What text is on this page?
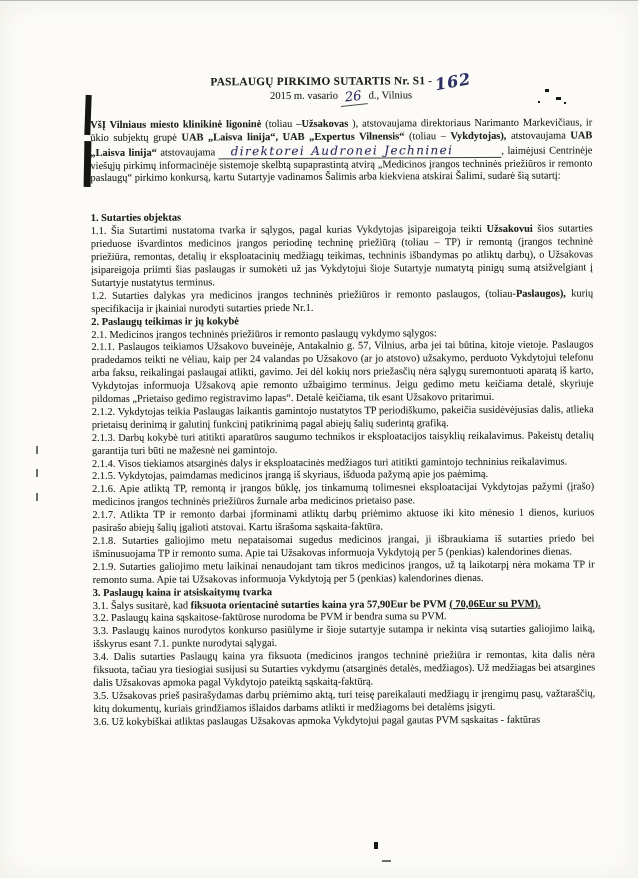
PASLAUGŲ PIRKIMO SUTARTIS Nr. S1 -162
2015 m. vasario 26 d., Vilnius
VšĮ Vilniaus miesto klinikinė ligoninė (toliau –Užsakovas ), atstovaujama direktoriaus Narimanto Markevičiaus, ir ūkio subjektų grupė UAB „Laisva linija“, UAB „Expertus Vilnensis“ (toliau – Vykdytojas), atstovaujama UAB „Laisva linija“ atstovaujama direktorei Audronei Jechninei	, laimėjusi Centrinėje viešųjų pirkimų informacinėje sistemoje skelbtą supaprastintą atvirą „Medicinos įrangos techninės priežiūros ir remonto paslaugų“ pirkimo konkursą, kartu Sutartyje vadinamos Šalimis arba kiekviena atskirai Šalimi, sudarė šią sutartį:
1. Sutarties objektas
1.1. Šia Sutartimi nustatoma tvarka ir sąlygos, pagal kurias Vykdytojas įsipareigoja teikti Užsakovui šios sutarties prieduose išvardintos medicinos įrangos periodinę techninę priežiūrą (toliau – TP) ir remontą (įrangos techninė priežiūra, remontas, detalių ir eksploatacinių medžiagų teikimas, techninis išbandymas po atliktų darbų), o Užsakovas įsipareigoja priimti šias paslaugas ir sumokėti už jas Vykdytojui šioje Sutartyje numatytą pinigų sumą atsižvelgiant į Sutartyje nustatytus terminus.
1.2. Sutarties dalykas yra medicinos įrangos techninės priežiūros ir remonto paslaugos, (toliau-Paslaugos), kurių specifikacija ir įkainiai nurodyti sutarties priede Nr.1.
2. Paslaugų teikimas ir jų kokybė
2.1. Medicinos įrangos techninės priežiūros ir remonto paslaugų vykdymo sąlygos:
2.1.1. Paslaugos teikiamos Užsakovo buveinėje, Antakalnio g. 57, Vilnius, arba jei tai būtina, kitoje vietoje. Paslaugos pradedamos teikti ne vėliau, kaip per 24 valandas po Užsakovo (ar jo atstovo) užsakymo, perduoto Vykdytojui telefonu arba faksu, reikalingai paslaugai atlikti, gavimo. Jei dėl kokių nors priežasčių nėra sąlygų suremontuoti aparatą iš karto, Vykdytojas informuoja Užsakovą apie remonto užbaigimo terminus. Jeigu gedimo metu keičiama detalė, skyriuje pildomas „Prietaiso gedimo registravimo lapas“. Detalė keičiama, tik esant Užsakovo pritarimui.
2.1.2. Vykdytojas teikia Paslaugas laikantis gamintojo nustatytos TP periodiškumo, pakeičia susidėvėjusias dalis, atlieka prietaisų derinimą ir galutinį funkcinį patikrinimą pagal abiejų šalių suderintą grafiką.
2.1.3. Darbų kokybė turi atitikti aparatūros saugumo technikos ir eksploatacijos taisyklių reikalavimus. Pakeistų detalių garantija turi būti ne mažesnė nei gamintojo.
2.1.4. Visos tiekiamos atsarginės dalys ir eksploatacinės medžiagos turi atitikti gamintojo techninius reikalavimus.
2.1.5. Vykdytojas, paimdamas medicinos įrangą iš skyriaus, išduoda pažymą apie jos paėmimą.
2.1.6. Apie atliktą TP, remontą ir įrangos būklę, jos tinkamumą tolimesnei eksploatacijai Vykdytojas pažymi (įrašo) medicinos įrangos techninės priežiūros žurnale arba medicinos prietaiso pase.
2.1.7. Atlikta TP ir remonto darbai įforminami atliktų darbų priėmimo aktuose iki kito mėnesio 1 dienos, kuriuos pasirašo abiejų šalių įgalioti atstovai. Kartu išrašoma sąskaita-faktūra.
2.1.8. Sutarties galiojimo metu nepataisomai sugedus medicinos įrangai, ji išbraukiama iš sutarties priedo bei išminusuojama TP ir remonto suma. Apie tai Užsakovas informuoja Vykdytoją per 5 (penkias) kalendorines dienas.
2.1.9. Sutarties galiojimo metu laikinai nenaudojant tam tikros medicinos įrangos, už tą laikotarpį nėra mokama TP ir remonto suma. Apie tai Užsakovas informuoja Vykdytoją per 5 (penkias) kalendorines dienas.
3. Paslaugų kaina ir atsiskaitymų tvarka
3.1. Šalys susitarė, kad fiksuota orientacinė sutarties kaina yra 57,90Eur be PVM ( 70,06Eur su PVM).
3.2. Paslaugų kaina sąskaitose-faktūrose nurodoma be PVM ir bendra suma su PVM.
3.3. Paslaugų kainos nurodytos konkurso pasiūlyme ir šioje sutartyje sutampa ir nekinta visą sutarties galiojimo laiką, išskyrus esant 7.1. punkte nurodytai sąlygai.
3.4. Dalis sutarties Paslaugų kaina yra fiksuota (medicinos įrangos techninė priežiūra ir remontas, kita dalis nėra fiksuota, tačiau yra tiesiogiai susijusi su Sutarties vykdymu (atsarginės detalės, medžiagos). Už medžiagas bei atsargines dalis Užsakovas apmoka pagal Vykdytojo pateiktą sąskaitą-faktūrą.
3.5. Užsakovas prieš pasirašydamas darbų priėmimo aktą, turi teisę pareikalauti medžiagų ir įrengimų pasų, važtaraščių, kitų dokumentų, kuriais grindžiamos išlaidos darbams atlikti ir medžiagoms bei detalėms įsigyti.
3.6. Už kokybiškai atliktas paslaugas Užsakovas apmoka Vykdytojui pagal gautas PVM sąskaitas - faktūras
